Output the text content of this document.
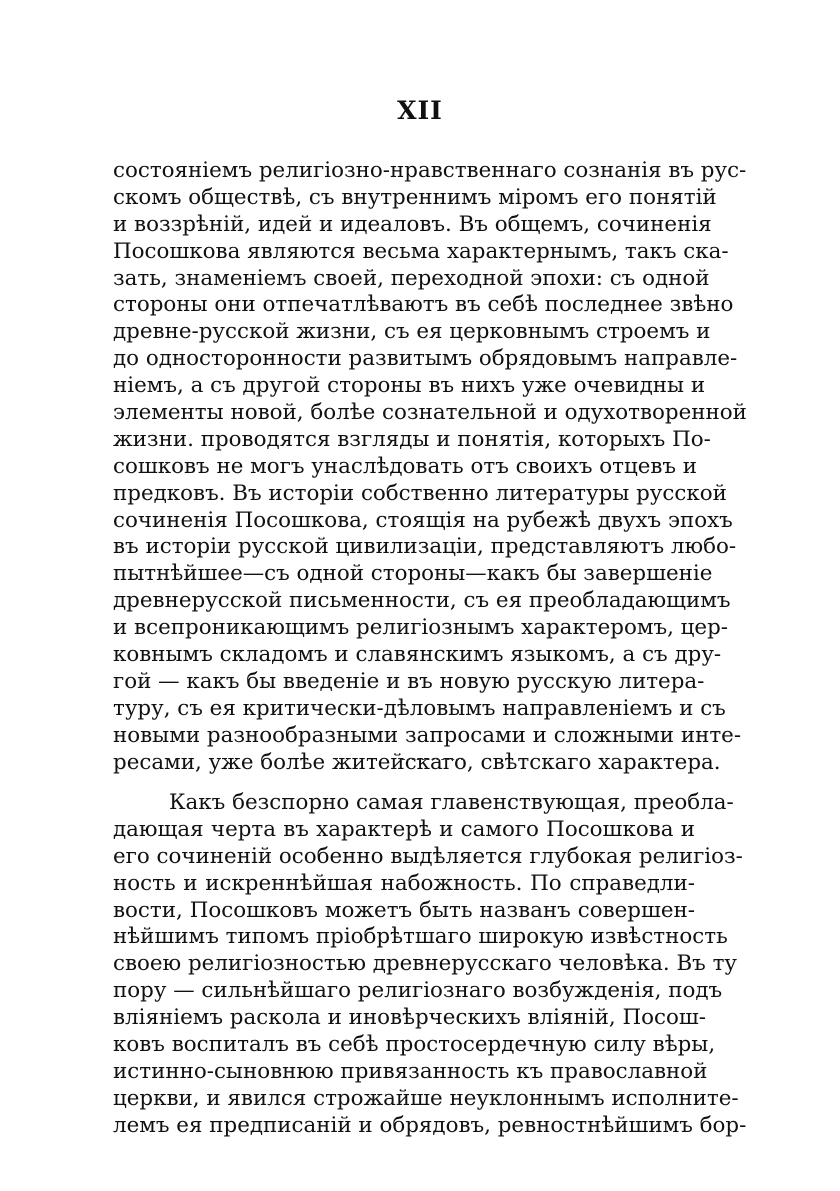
XII
состоянiемъ религiозно-нравственнаго сознанiя въ рус-
скомъ обществѣ, съ внутреннимъ мiромъ его понятiй
и воззрѣнiй, идей и идеаловъ. Въ общемъ, сочиненiя
Посошкова являются весьма характернымъ, такъ ска-
зать, знаменiемъ своей, переходной эпохи: съ одной
стороны они отпечатлѣваютъ въ себѣ последнее звѣно
древне-русской жизни, съ ея церковнымъ строемъ и
до односторонности развитымъ обрядовымъ направле-
нiемъ, а съ другой стороны въ нихъ уже очевидны и
элементы новой, болѣе сознательной и одухотворенной
жизни. проводятся взгляды и понятiя, которыхъ По-
сошковъ не могъ унаслѣдовать отъ своихъ отцевъ и
предковъ. Въ исторiи собственно литературы русской
сочиненiя Посошкова, стоящiя на рубежѣ двухъ эпохъ
въ исторiи русской цивилизацiи, представляютъ любо-
пытнѣйшее—съ одной стороны—какъ бы завершенiе
древнерусской письменности, съ ея преобладающимъ
и всепроникающимъ религiознымъ характеромъ, цер-
ковнымъ складомъ и славянскимъ языкомъ, а съ дру-
гой — какъ бы введенiе и въ новую русскую литера-
туру, съ ея критически-дѣловымъ направленiемъ и съ
новыми разнообразными запросами и сложными инте-
ресами, уже болѣе житейскаго, свѣтскаго характера.
Какъ безспорно самая главенствующая, преобла-
дающая черта въ характерѣ и самого Посошкова и
его сочиненiй особенно выдѣляется глубокая религiоз-
ность и искреннѣйшая набожность. По справедли-
вости, Посошковъ можетъ быть названъ совершен-
нѣйшимъ типомъ прiобрѣтшаго широкую извѣстность
своею религiозностью древнерусскаго человѣка. Въ ту
пору — сильнѣйшаго религiознаго возбужденiя, подъ
влiянiемъ раскола и иновѣрческихъ влiянiй, Посош-
ковъ воспиталъ въ себѣ простосердечную силу вѣры,
истинно-сыновнюю привязанность къ православной
церкви, и явился строжайше неуклоннымъ исполните-
лемъ ея предписанiй и обрядовъ, ревностнѣйшимъ бор-
